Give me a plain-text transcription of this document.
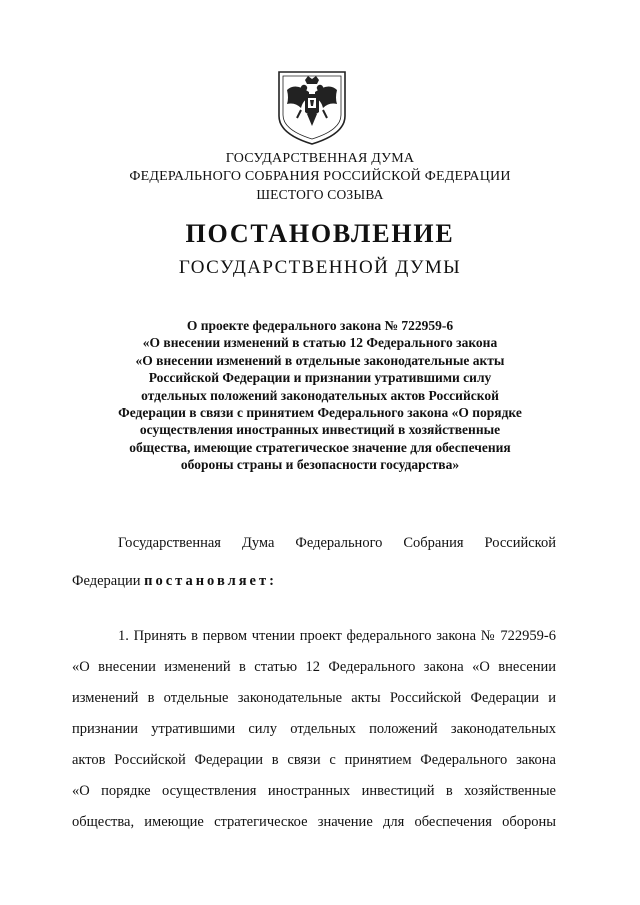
ГОСУДАРСТВЕННАЯ ДУМА
ФЕДЕРАЛЬНОГО СОБРАНИЯ РОССИЙСКОЙ ФЕДЕРАЦИИ
ШЕСТОГО СОЗЫВА
ПОСТАНОВЛЕНИЕ
ГОСУДАРСТВЕННОЙ ДУМЫ
О проекте федерального закона № 722959-6
«О внесении изменений в статью 12 Федерального закона
«О внесении изменений в отдельные законодательные акты
Российской Федерации и признании утратившими силу
отдельных положений законодательных актов Российской
Федерации в связи с принятием Федерального закона «О порядке
осуществления иностранных инвестиций в хозяйственные
общества, имеющие стратегическое значение для обеспечения
обороны страны и безопасности государства»
Государственная Дума Федерального Собрания Российской
Федерации постановляет:
1. Принять в первом чтении проект федерального закона № 722959-6
«О внесении изменений в статью 12 Федерального закона «О внесении
изменений в отдельные законодательные акты Российской Федерации и
признании утратившими силу отдельных положений законодательных
актов Российской Федерации в связи с принятием Федерального закона
«О порядке осуществления иностранных инвестиций в хозяйственные
общества, имеющие стратегическое значение для обеспечения обороны
